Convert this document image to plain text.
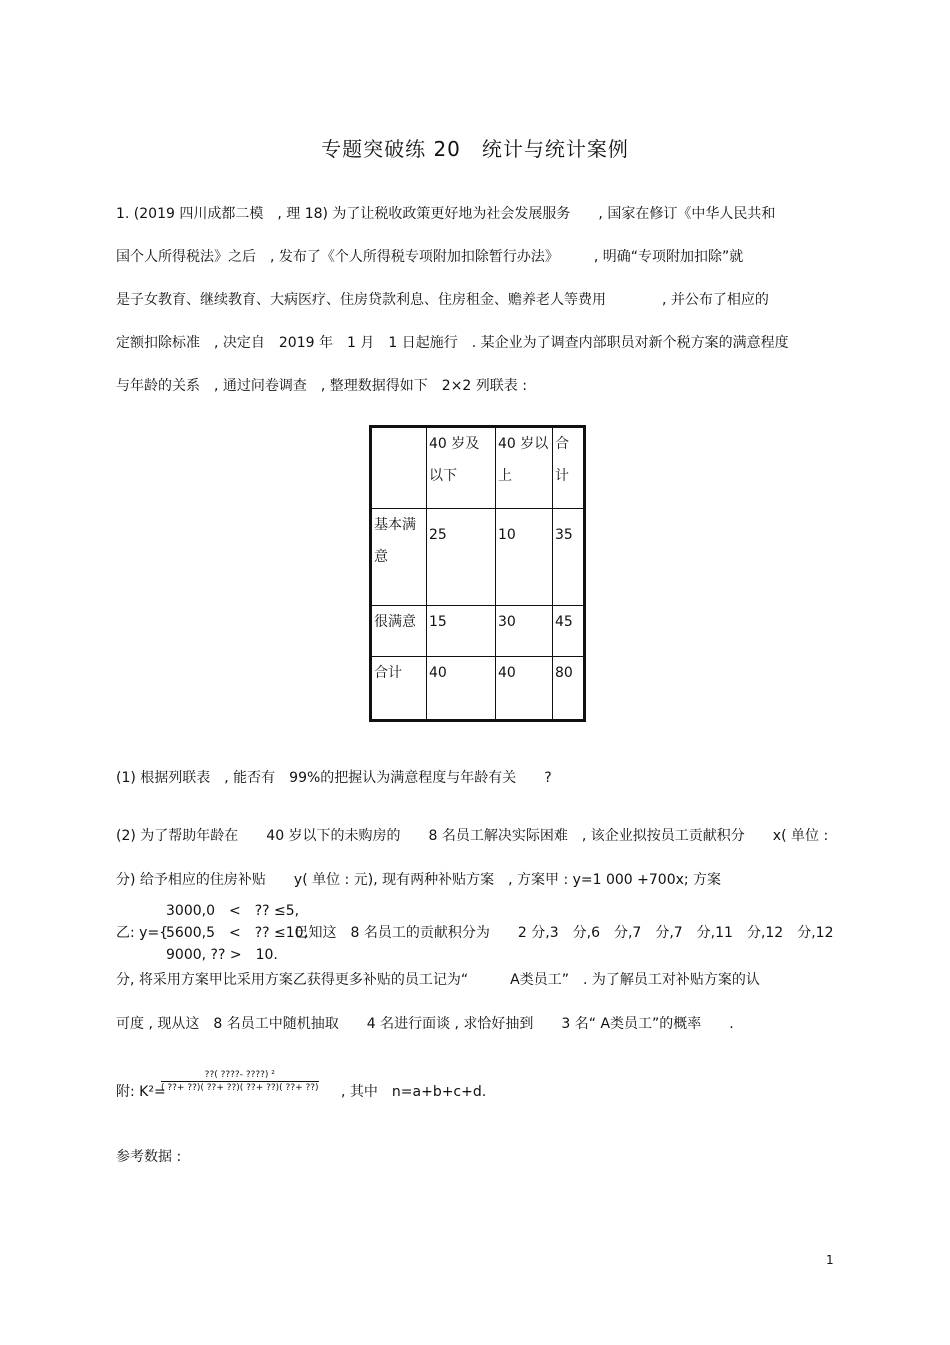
专题突破练 20　统计与统计案例
1. (2019 四川成都二模　, 理 18) 为了让税收政策更好地为社会发展服务　　, 国家在修订《中华人民共和
国个人所得税法》之后　, 发布了《个人所得税专项附加扣除暂行办法》　　　, 明确“专项附加扣除”就
是子女教育、继续教育、大病医疗、住房贷款利息、住房租金、赡养老人等费用　　　　, 并公布了相应的
定额扣除标准　, 决定自　2019 年　1 月　1 日起施行　. 某企业为了调查内部职员对新个税方案的满意程度
与年龄的关系　, 通过问卷调查　, 整理数据得如下　2×2 列联表 :
	40 岁及以下	40 岁以上	合计
基本满意	25	10	35
很满意	15	30	45
合计	40	40	80
(1) 根据列联表　, 能否有　99%的把握认为满意程度与年龄有关　　?
(2) 为了帮助年龄在　　40 岁以下的未购房的　　8 名员工解决实际困难　, 该企业拟按员工贡献积分　　x( 单位 :
分) 给予相应的住房补贴　　y( 单位 : 元), 现有两种补贴方案　, 方案甲 : y=1 000 +700x; 方案
3000,0　<　?? ≤5,
5600,5　<　?? ≤10,
9000, ?? >　10.
乙: y={	已知这　8 名员工的贡献积分为　　2 分,3　分,6　分,7　分,7　分,11　分,12　分,12
分, 将采用方案甲比采用方案乙获得更多补贴的员工记为“　　　A类员工”　. 为了解员工对补贴方案的认
可度 , 现从这　8 名员工中随机抽取　　4 名进行面谈 , 求恰好抽到　　3 名“ A类员工”的概率　　.
附: K²=
??( ????- ????) ²
( ??+ ??)( ??+ ??)( ??+ ??)( ??+ ??) , 其中　n=a+b+c+d.
参考数据 :
1
